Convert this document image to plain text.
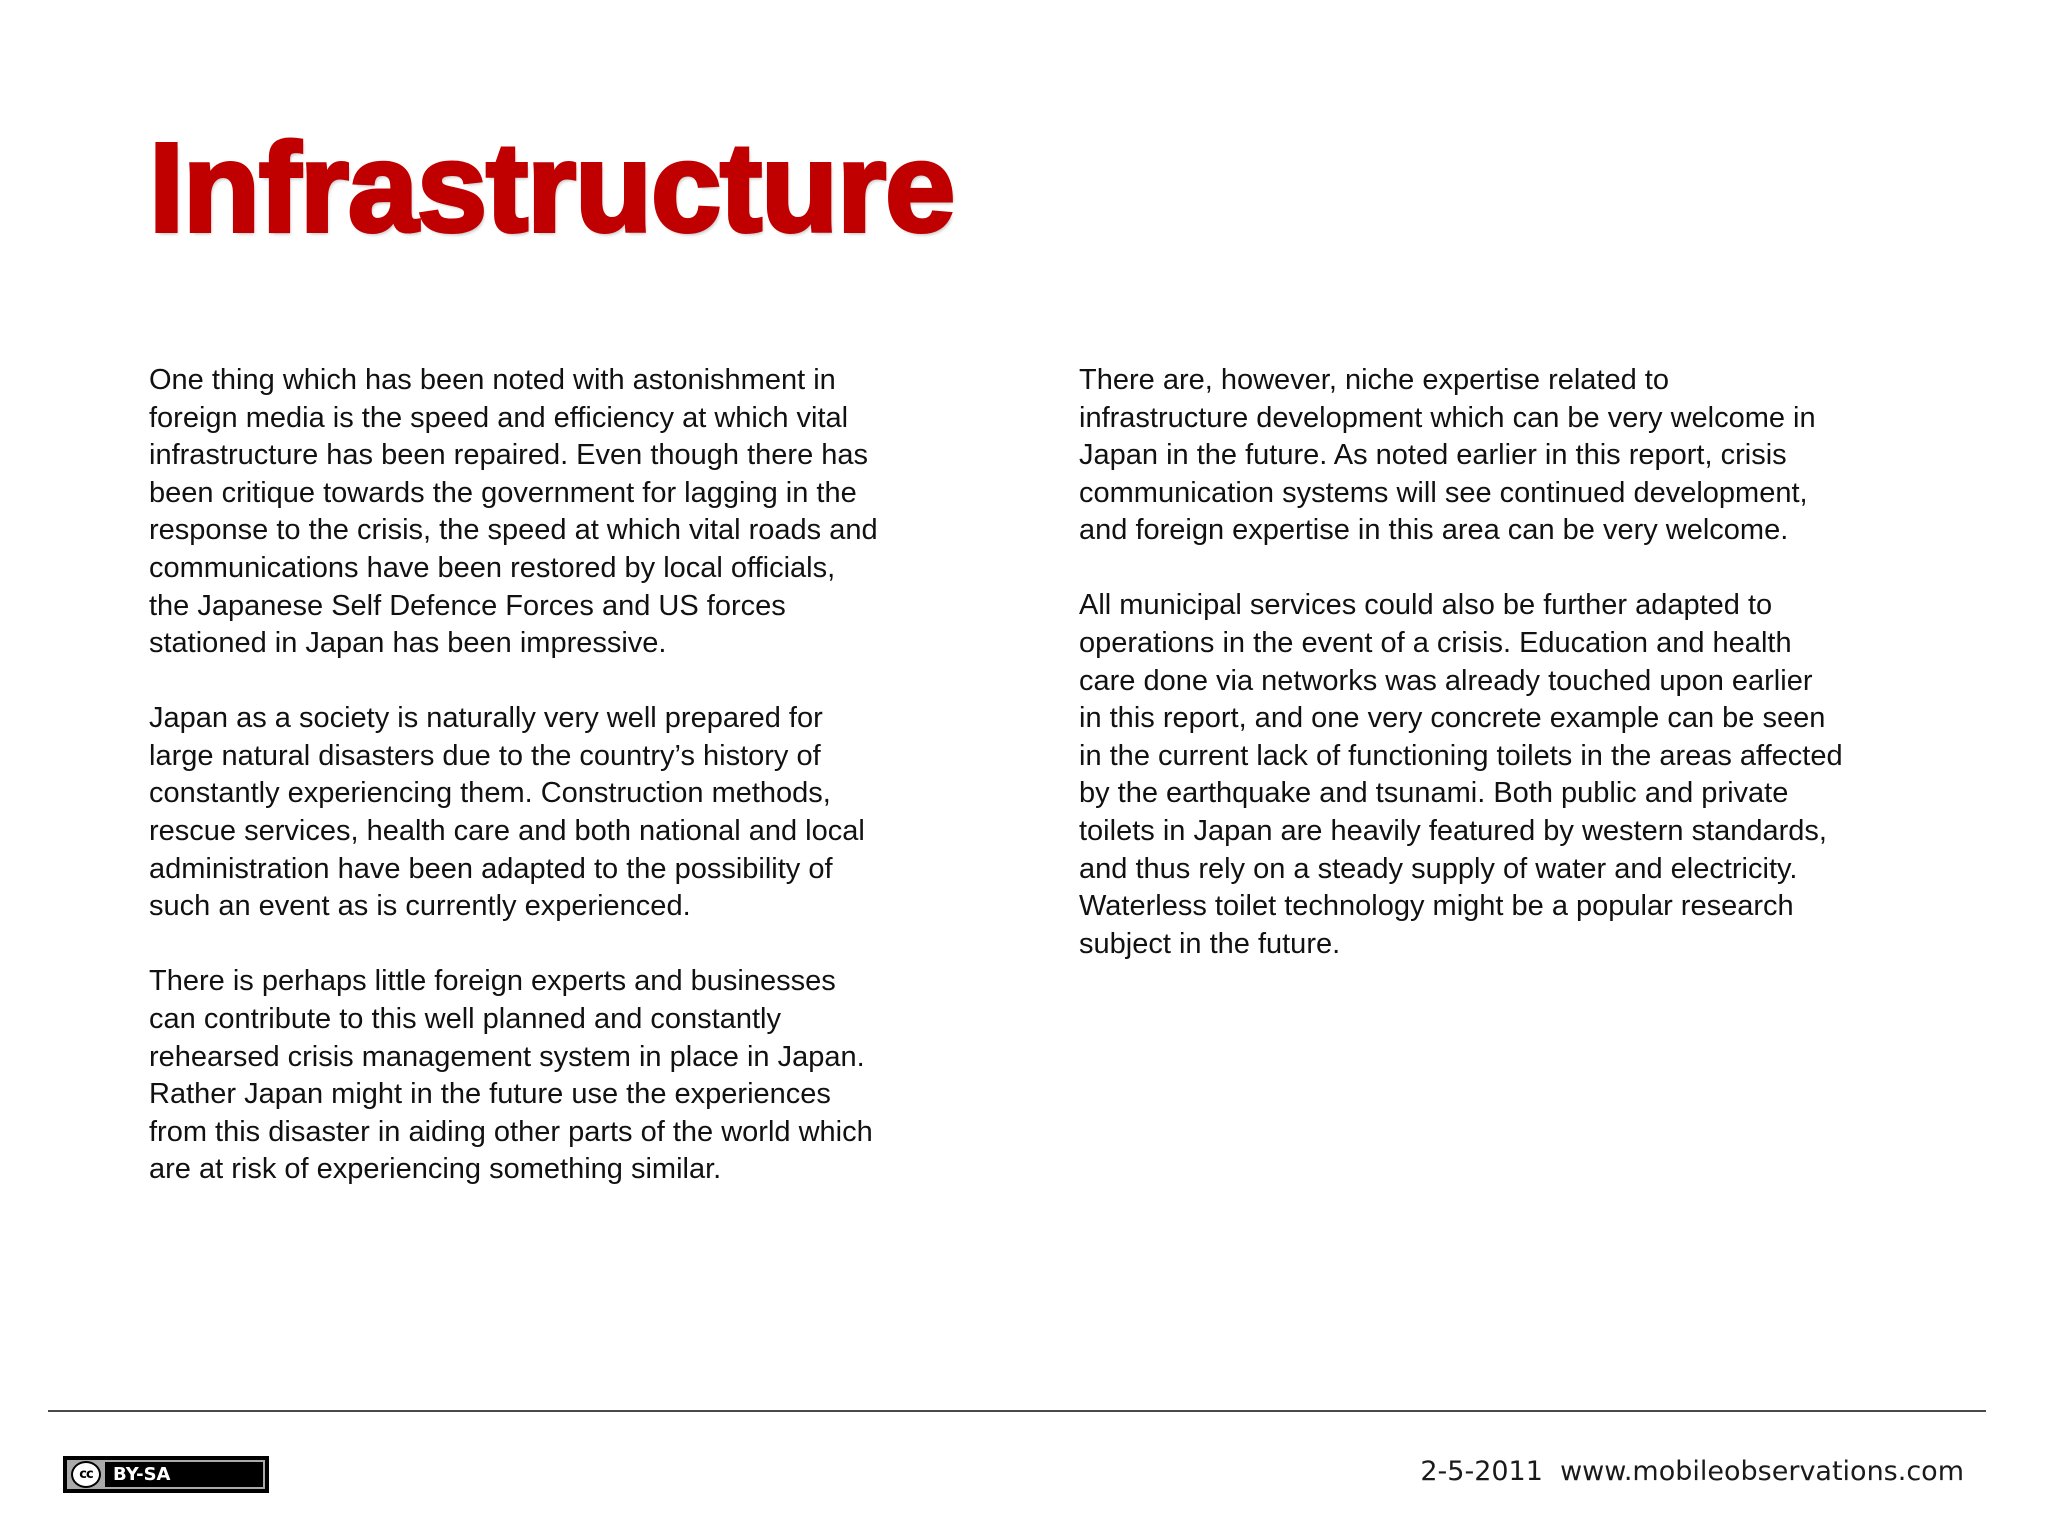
Infrastructure

One thing which has been noted with astonishment in
foreign media is the speed and efficiency at which vital
infrastructure has been repaired. Even though there has
been critique towards the government for lagging in the
response to the crisis, the speed at which vital roads and
communications have been restored by local officials,
the Japanese Self Defence Forces and US forces
stationed in Japan has been impressive.

Japan as a society is naturally very well prepared for
large natural disasters due to the country’s history of
constantly experiencing them. Construction methods,
rescue services, health care and both national and local
administration have been adapted to the possibility of
such an event as is currently experienced.

There is perhaps little foreign experts and businesses
can contribute to this well planned and constantly
rehearsed crisis management system in place in Japan.
Rather Japan might in the future use the experiences
from this disaster in aiding other parts of the world which
are at risk of experiencing something similar.

There are, however, niche expertise related to
infrastructure development which can be very welcome in
Japan in the future. As noted earlier in this report, crisis
communication systems will see continued development,
and foreign expertise in this area can be very welcome.

All municipal services could also be further adapted to
operations in the event of a crisis. Education and health
care done via networks was already touched upon earlier
in this report, and one very concrete example can be seen
in the current lack of functioning toilets in the areas affected
by the earthquake and tsunami. Both public and private
toilets in Japan are heavily featured by western standards,
and thus rely on a steady supply of water and electricity.
Waterless toilet technology might be a popular research
subject in the future.

cc	BY-SA	2-5-2011  www.mobileobservations.com
